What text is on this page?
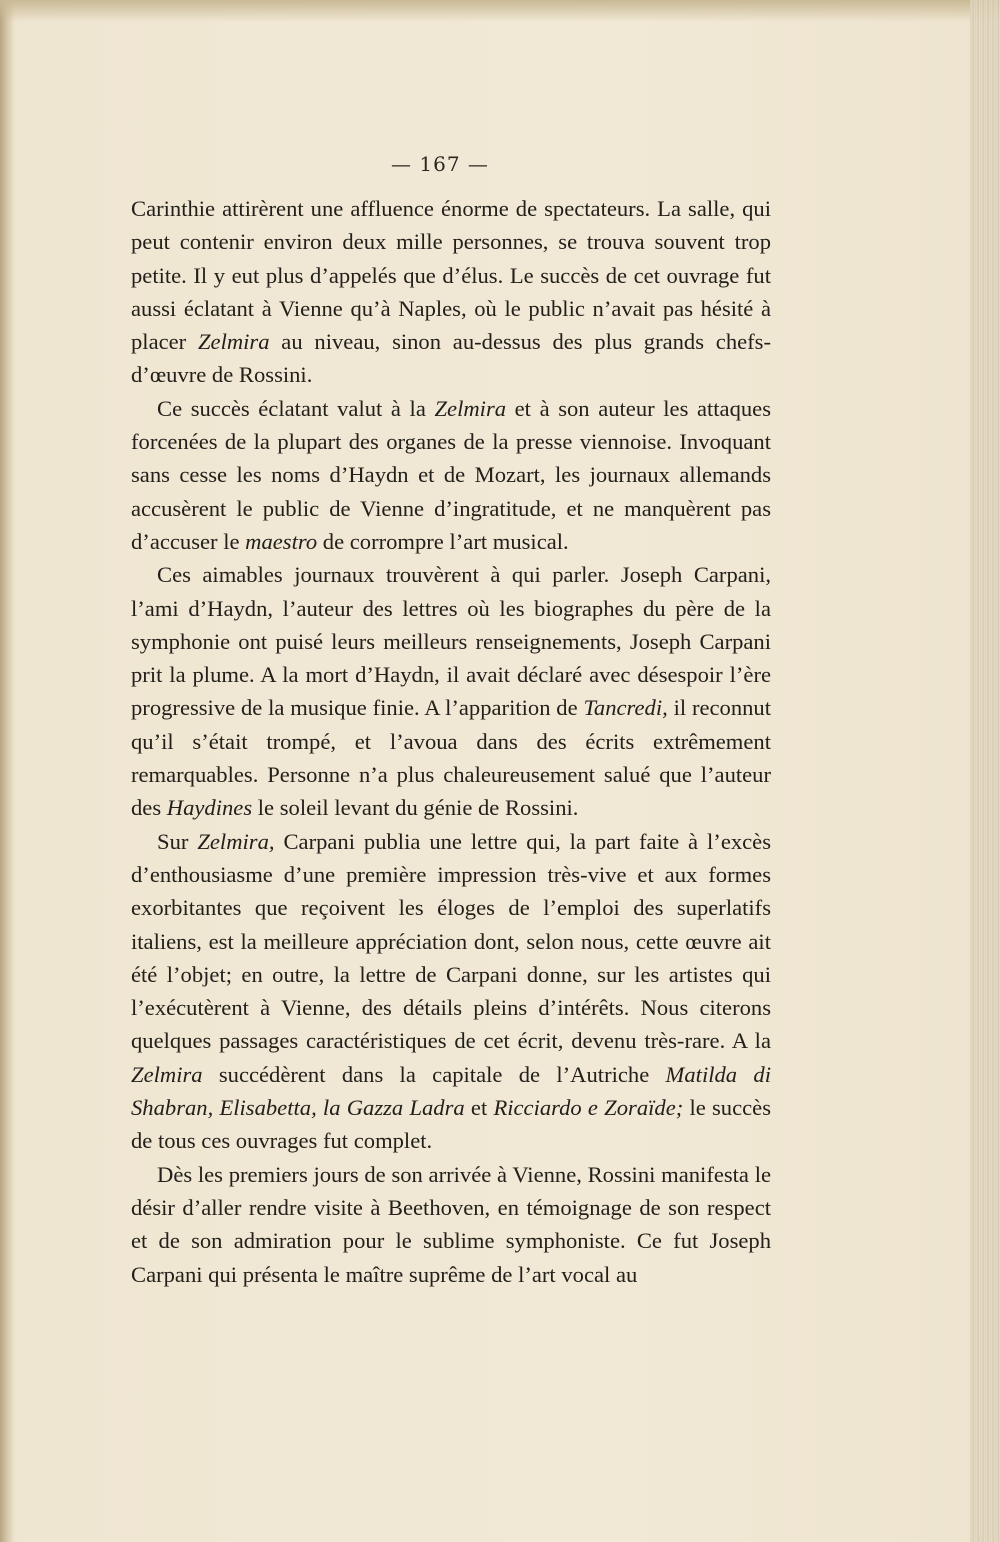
— 167 —

Carinthie attirèrent une affluence énorme de spectateurs. La salle, qui peut contenir environ deux mille personnes, se trouva souvent trop petite. Il y eut plus d’appelés que d’élus. Le succès de cet ouvrage fut aussi éclatant à Vienne qu’à Naples, où le public n’avait pas hésité à placer Zelmira au niveau, sinon au-dessus des plus grands chefs-d’œuvre de Rossini.

Ce succès éclatant valut à la Zelmira et à son auteur les attaques forcenées de la plupart des organes de la presse viennoise. Invoquant sans cesse les noms d’Haydn et de Mozart, les journaux allemands accusèrent le public de Vienne d’ingratitude, et ne manquèrent pas d’accuser le maestro de corrompre l’art musical.

Ces aimables journaux trouvèrent à qui parler. Joseph Carpani, l’ami d’Haydn, l’auteur des lettres où les biographes du père de la symphonie ont puisé leurs meilleurs renseignements, Joseph Carpani prit la plume. A la mort d’Haydn, il avait déclaré avec désespoir l’ère progressive de la musique finie. A l’apparition de Tancredi, il reconnut qu’il s’était trompé, et l’avoua dans des écrits extrêmement remarquables. Personne n’a plus chaleureusement salué que l’auteur des Haydines le soleil levant du génie de Rossini.

Sur Zelmira, Carpani publia une lettre qui, la part faite à l’excès d’enthousiasme d’une première impression très-vive et aux formes exorbitantes que reçoivent les éloges de l’emploi des superlatifs italiens, est la meilleure appréciation dont, selon nous, cette œuvre ait été l’objet; en outre, la lettre de Carpani donne, sur les artistes qui l’exécutèrent à Vienne, des détails pleins d’intérêts. Nous citerons quelques passages caractéristiques de cet écrit, devenu très-rare. A la Zelmira succédèrent dans la capitale de l’Autriche Matilda di Shabran, Elisabetta, la Gazza Ladra et Ricciardo e Zoraïde; le succès de tous ces ouvrages fut complet.

Dès les premiers jours de son arrivée à Vienne, Rossini manifesta le désir d’aller rendre visite à Beethoven, en témoignage de son respect et de son admiration pour le sublime symphoniste. Ce fut Joseph Carpani qui présenta le maître suprême de l’art vocal au
